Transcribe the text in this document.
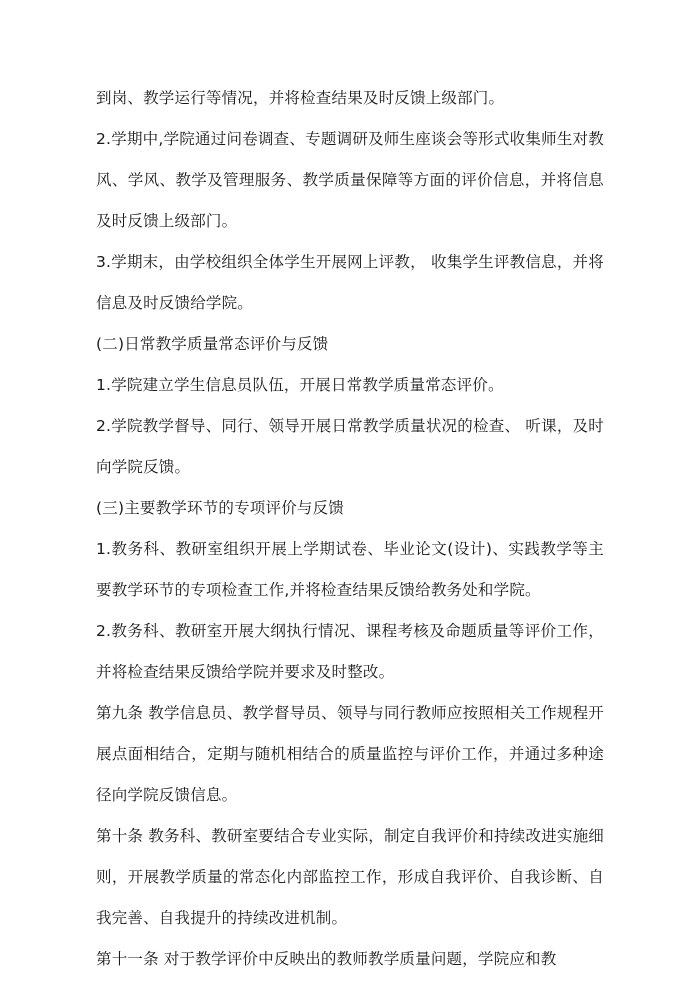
到岗、教学运行等情况，并将检查结果及时反馈上级部门。

2.学期中,学院通过问卷调查、专题调研及师生座谈会等形式收集师生对教风、学风、教学及管理服务、教学质量保障等方面的评价信息，并将信息及时反馈上级部门。

3.学期末，由学校组织全体学生开展网上评教， 收集学生评教信息，并将信息及时反馈给学院。

(二)日常教学质量常态评价与反馈

1.学院建立学生信息员队伍，开展日常教学质量常态评价。

2.学院教学督导、同行、领导开展日常教学质量状况的检查、 听课，及时向学院反馈。

(三)主要教学环节的专项评价与反馈

1.教务科、教研室组织开展上学期试卷、毕业论文(设计)、实践教学等主要教学环节的专项检查工作,并将检查结果反馈给教务处和学院。

2.教务科、教研室开展大纲执行情况、课程考核及命题质量等评价工作，并将检查结果反馈给学院并要求及时整改。

第九条 教学信息员、教学督导员、领导与同行教师应按照相关工作规程开展点面相结合，定期与随机相结合的质量监控与评价工作，并通过多种途径向学院反馈信息。

第十条 教务科、教研室要结合专业实际，制定自我评价和持续改进实施细则，开展教学质量的常态化内部监控工作，形成自我评价、自我诊断、自我完善、自我提升的持续改进机制。

第十一条 对于教学评价中反映出的教师教学质量问题，学院应和教
